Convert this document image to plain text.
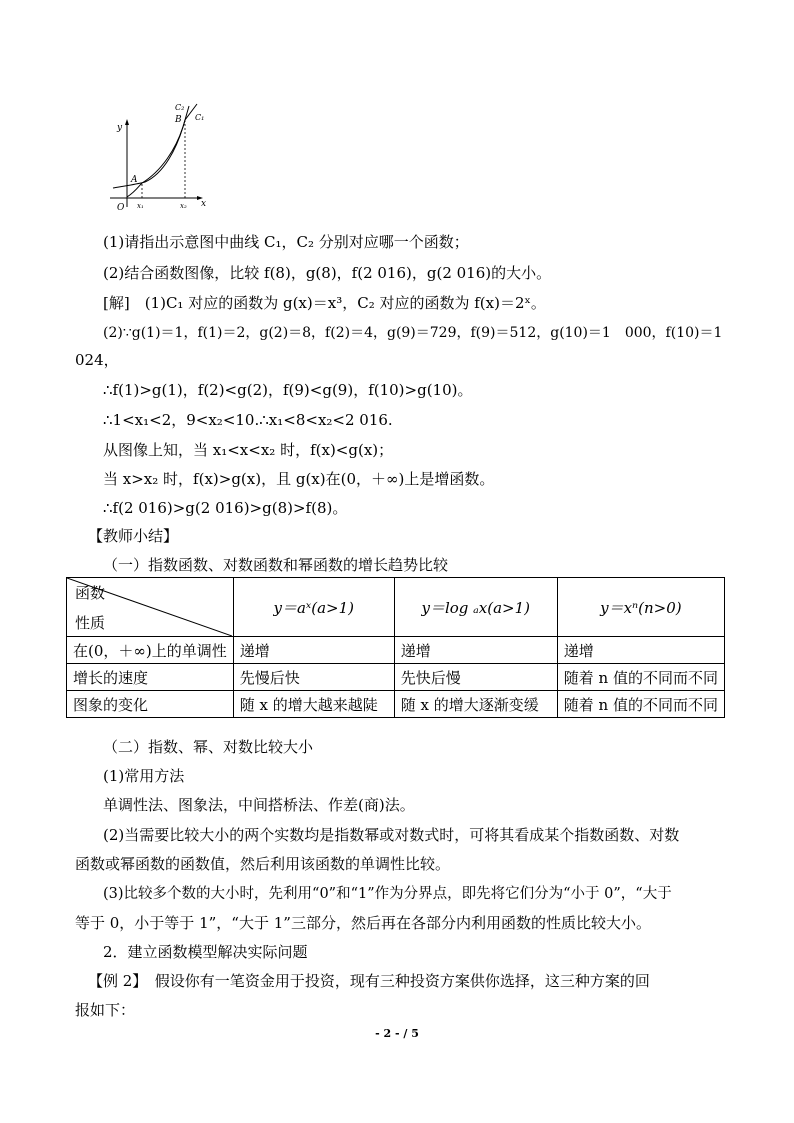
y
x
O
A
B
C₂
C₁
x₁	x₂
(1)请指出示意图中曲线 C₁，C₂ 分别对应哪一个函数；
(2)结合函数图像，比较 f(8)，g(8)，f(2 016)，g(2 016)的大小。
[解]　(1)C₁ 对应的函数为 g(x)＝x³，C₂ 对应的函数为 f(x)＝2ˣ。
(2)∵g(1)＝1，f(1)＝2，g(2)＝8，f(2)＝4，g(9)＝729，f(9)＝512，g(10)＝1　000，f(10)＝1
024，
∴f(1)>g(1)，f(2)<g(2)，f(9)<g(9)，f(10)>g(10)。
∴1<x₁<2，9<x₂<10.∴x₁<8<x₂<2 016.
从图像上知，当 x₁<x<x₂ 时，f(x)<g(x)；
当 x>x₂ 时，f(x)>g(x)，且 g(x)在(0，＋∞)上是增函数。
∴f(2 016)>g(2 016)>g(8)>f(8)。
【教师小结】
（一）指数函数、对数函数和幂函数的增长趋势比较
函数
性质	y＝aˣ(a>1)	y＝log ₐx(a>1)	y＝xⁿ(n>0)
在(0，＋∞)上的单调性	递增	递增	递增
增长的速度	先慢后快	先快后慢	随着 n 值的不同而不同
图象的变化	随 x 的增大越来越陡	随 x 的增大逐渐变缓	随着 n 值的不同而不同
（二）指数、幂、对数比较大小
(1)常用方法
单调性法、图象法，中间搭桥法、作差(商)法。
(2)当需要比较大小的两个实数均是指数幂或对数式时，可将其看成某个指数函数、对数
函数或幂函数的函数值，然后利用该函数的单调性比较。
(3)比较多个数的大小时，先利用“0”和“1”作为分界点，即先将它们分为“小于 0”，“大于
等于 0，小于等于 1”，“大于 1”三部分，然后再在各部分内利用函数的性质比较大小。
2．建立函数模型解决实际问题
【例 2】　假设你有一笔资金用于投资，现有三种投资方案供你选择，这三种方案的回
报如下：
- 2 - / 5
